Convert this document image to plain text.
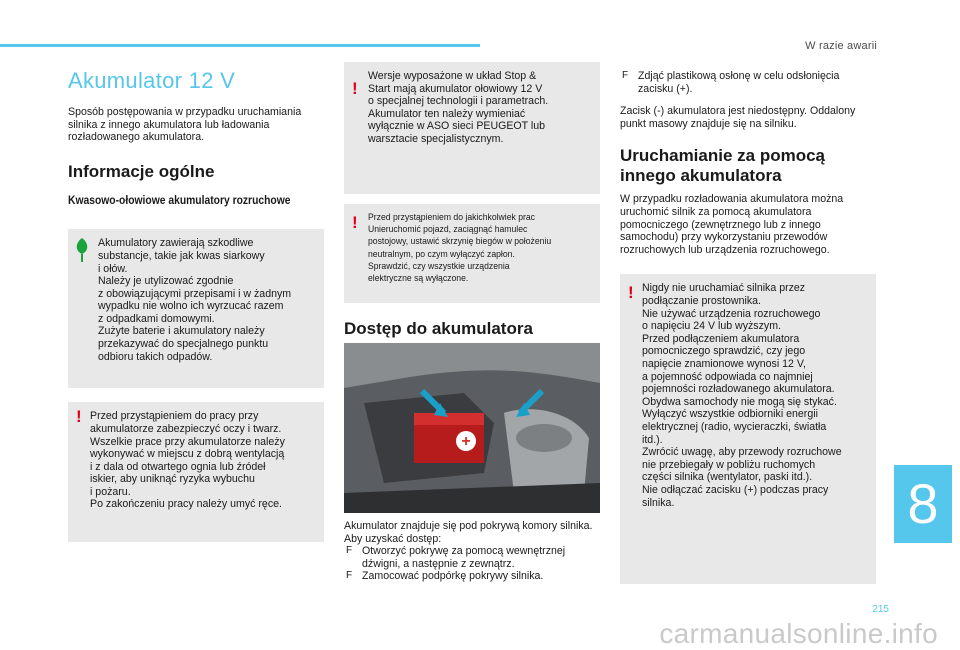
W razie awarii
Akumulator 12 V

Sposób postępowania w przypadku uruchamiania silnika z innego akumulatora lub ładowania rozładowanego akumulatora.

Informacje ogólne
Kwasowo-ołowiowe akumulatory rozruchowe

Akumulatory zawierają szkodliwe
substancje, takie jak kwas siarkowy
i ołów.
Należy je utylizować zgodnie
z obowiązującymi przepisami i w żadnym
wypadku nie wolno ich wyrzucać razem
z odpadkami domowymi.
Zużyte baterie i akumulatory należy
przekazywać do specjalnego punktu
odbioru takich odpadów.

! Przed przystąpieniem do pracy przy
akumulatorze zabezpieczyć oczy i twarz.
Wszelkie prace przy akumulatorze należy
wykonywać w miejscu z dobrą wentylacją
i z dala od otwartego ognia lub źródeł
iskier, aby uniknąć ryzyka wybuchu
i pożaru.
Po zakończeniu pracy należy umyć ręce.

!

Wersje wyposażone w układ Stop &
Start mają akumulator ołowiowy 12 V
o specjalnej technologii i parametrach.
Akumulator ten należy wymieniać
wyłącznie w ASO sieci PEUGEOT lub
warsztacie specjalistycznym.

! Przed przystąpieniem do jakichkolwiek prac
Unieruchomić pojazd, zaciągnąć hamulec
postojowy, ustawić skrzynię biegów w położeniu
neutralnym, po czym wyłączyć zapłon.
Sprawdzić, czy wszystkie urządzenia
elektryczne są wyłączone.
Dostęp do akumulatora
+

Akumulator znajduje się pod pokrywą komory silnika.

Aby uzyskać dostęp:

F Otworzyć pokrywę za pomocą wewnętrznej dźwigni, a następnie z zewnątrz.
F Zamocować podpórkę pokrywy silnika.
F Zdjąć plastikową osłonę w celu odsłonięcia zacisku (+).

Zacisk (-) akumulatora jest niedostępny. Oddalony punkt masowy znajduje się na silniku.

Uruchamianie za pomocą innego akumulatora

W przypadku rozładowania akumulatora można uruchomić silnik za pomocą akumulatora pomocniczego (zewnętrznego lub z innego samochodu) przy wykorzystaniu przewodów rozruchowych lub urządzenia rozruchowego.

! Nigdy nie uruchamiać silnika przez
podłączanie prostownika.
Nie używać urządzenia rozruchowego
o napięciu 24 V lub wyższym.
Przed podłączeniem akumulatora
pomocniczego sprawdzić, czy jego
napięcie znamionowe wynosi 12 V,
a pojemność odpowiada co najmniej
pojemności rozładowanego akumulatora.
Obydwa samochody nie mogą się stykać.
Wyłączyć wszystkie odbiorniki energii
elektrycznej (radio, wycieraczki, światła
itd.).
Zwrócić uwagę, aby przewody rozruchowe
nie przebiegały w pobliżu ruchomych
części silnika (wentylator, paski itd.).
Nie odłączać zacisku (+) podczas pracy
silnika.	8
215
carmanualsonline.info
